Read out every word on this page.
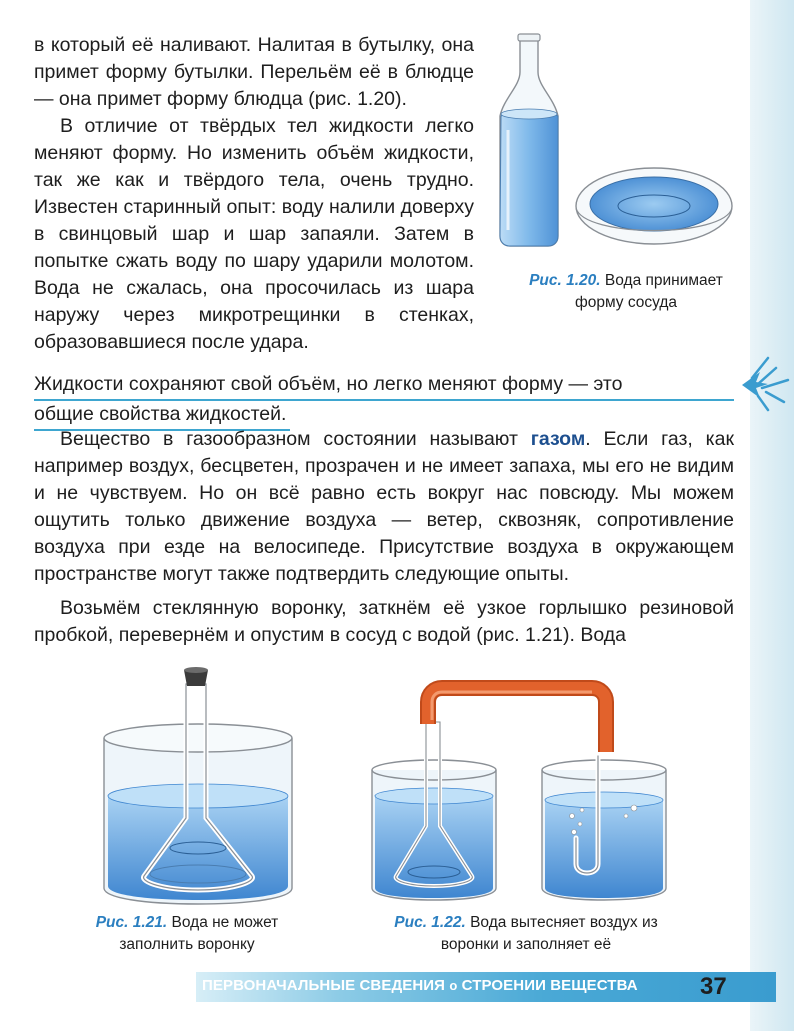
в который её наливают. Налитая в бутылку, она примет форму бутылки. Перельём её в блюдце — она примет форму блюдца (рис. 1.20).

В отличие от твёрдых тел жидкости легко меняют форму. Но изменить объём жидкости, так же как и твёрдого тела, очень трудно. Известен старинный опыт: воду налили доверху в свинцовый шар и шар запаяли. Затем в попытке сжать воду по шару ударили молотом. Вода не сжалась, она просочилась из шара наружу через микротрещинки в стенках, образовавшиеся после удара.

Рис. 1.20. Вода принимает форму сосуда
Жидкости сохраняют свой объём, но легко меняют форму — это
общие свойства жидкостей.

Вещество в газообразном состоянии называют газом. Если газ, как например воздух, бесцветен, прозрачен и не имеет запаха, мы его не видим и не чувствуем. Но он всё равно есть вокруг нас повсюду. Мы можем ощутить только движение воздуха — ветер, сквозняк, сопротивление воздуха при езде на велосипеде. Присутствие воздуха в окружающем пространстве могут также подтвердить следующие опыты.

Возьмём стеклянную воронку, заткнём её узкое горлышко резиновой пробкой, перевернём и опустим в сосуд с водой (рис. 1.21). Вода

Рис. 1.21. Вода не может заполнить воронку
Рис. 1.22. Вода вытесняет воздух из воронки и заполняет её
ПЕРВОНАЧАЛЬНЫЕ СВЕДЕНИЯ о СТРОЕНИИ ВЕЩЕСТВА	37
